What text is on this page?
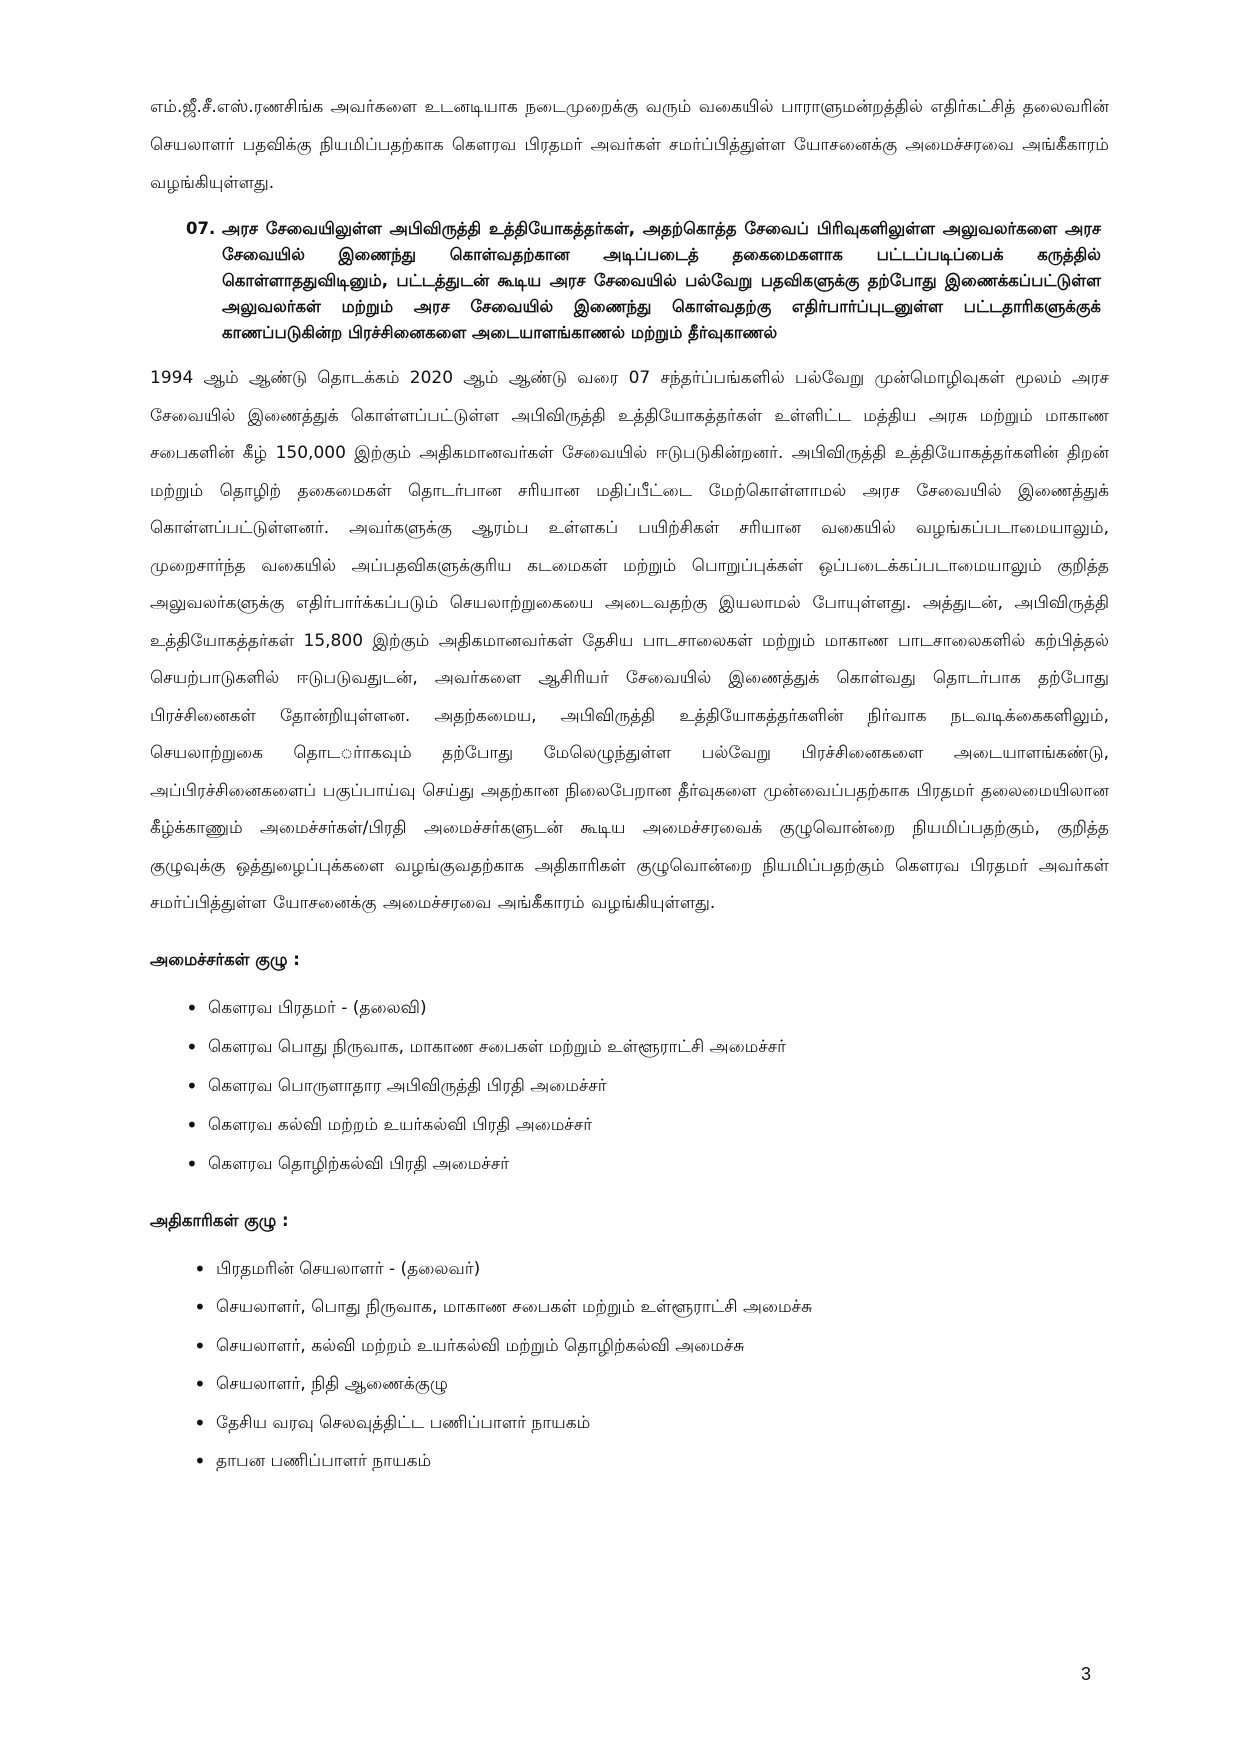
எம்.ஜீ.சீ.எஸ்.ரணசிங்க அவர்களை உடனடியாக நடைமுறைக்கு வரும் வகையில் பாராளுமன்றத்தில் எதிர்கட்சித் தலைவரின் செயலாளர் பதவிக்கு நியமிப்பதற்காக கௌரவ பிரதமர் அவர்கள் சமர்ப்பித்துள்ள யோசனைக்கு அமைச்சரவை அங்கீகாரம் வழங்கியுள்ளது.

07. அரச சேவையிலுள்ள அபிவிருத்தி உத்தியோகத்தர்கள், அதற்கொத்த சேவைப் பிரிவுகளிலுள்ள அலுவலர்களை அரச சேவையில் இணைந்து கொள்வதற்கான அடிப்படைத் தகைமைகளாக பட்டப்படிப்பைக் கருத்தில் கொள்ளாததுவிடினும், பட்டத்துடன் கூடிய அரச சேவையில் பல்வேறு பதவிகளுக்கு தற்போது இணைக்கப்பட்டுள்ள அலுவலர்கள் மற்றும் அரச சேவையில் இணைந்து கொள்வதற்கு எதிர்பார்ப்புடனுள்ள பட்டதாரிகளுக்குக் காணப்படுகின்ற பிரச்சினைகளை அடையாளங்காணல் மற்றும் தீர்வுகாணல்

1994 ஆம் ஆண்டு தொடக்கம் 2020 ஆம் ஆண்டு வரை 07 சந்தர்ப்பங்களில் பல்வேறு முன்மொழிவுகள் மூலம் அரச சேவையில் இணைத்துக் கொள்ளப்பட்டுள்ள அபிவிருத்தி உத்தியோகத்தர்கள் உள்ளிட்ட மத்திய அரசு மற்றும் மாகாண சபைகளின் கீழ் 150,000 இற்கும் அதிகமானவர்கள் சேவையில் ஈடுபடுகின்றனர். அபிவிருத்தி உத்தியோகத்தர்களின் திறன் மற்றும் தொழிற் தகைமைகள் தொடர்பான சரியான மதிப்பீட்டை மேற்கொள்ளாமல் அரச சேவையில் இணைத்துக் கொள்ளப்பட்டுள்ளனர். அவர்களுக்கு ஆரம்ப உள்ளகப் பயிற்சிகள் சரியான வகையில் வழங்கப்படாமையாலும், முறைசார்ந்த வகையில் அப்பதவிகளுக்குரிய கடமைகள் மற்றும் பொறுப்புக்கள் ஒப்படைக்கப்படாமையாலும் குறித்த அலுவலர்களுக்கு எதிர்பார்க்கப்படும் செயலாற்றுகையை அடைவதற்கு இயலாமல் போயுள்ளது. அத்துடன், அபிவிருத்தி உத்தியோகத்தர்கள் 15,800 இற்கும் அதிகமானவர்கள் தேசிய பாடசாலைகள் மற்றும் மாகாண பாடசாலைகளில் கற்பித்தல் செயற்பாடுகளில் ஈடுபடுவதுடன், அவர்களை ஆசிரியர் சேவையில் இணைத்துக் கொள்வது தொடர்பாக தற்போது பிரச்சினைகள் தோன்றியுள்ளன. அதற்கமைய, அபிவிருத்தி உத்தியோகத்தர்களின் நிர்வாக நடவடிக்கைகளிலும், செயலாற்றுகை தொடர்ாகவும் தற்போது மேலெழுந்துள்ள பல்வேறு பிரச்சினைகளை அடையாளங்கண்டு, அப்பிரச்சினைகளைப் பகுப்பாய்வு செய்து அதற்கான நிலைபேறான தீர்வுகளை முன்வைப்பதற்காக பிரதமர் தலைமையிலான கீழ்க்காணும் அமைச்சர்கள்/பிரதி அமைச்சர்களுடன் கூடிய அமைச்சரவைக் குழுவொன்றை நியமிப்பதற்கும், குறித்த குழுவுக்கு ஒத்துழைப்புக்களை வழங்குவதற்காக அதிகாரிகள் குழுவொன்றை நியமிப்பதற்கும் கௌரவ பிரதமர் அவர்கள் சமர்ப்பித்துள்ள யோசனைக்கு அமைச்சரவை அங்கீகாரம் வழங்கியுள்ளது.

அமைச்சர்கள் குழு :
• கௌரவ பிரதமர் - (தலைவி)
• கௌரவ பொது நிருவாக, மாகாண சபைகள் மற்றும் உள்ளூராட்சி அமைச்சர்
• கௌரவ பொருளாதார அபிவிருத்தி பிரதி அமைச்சர்
• கௌரவ கல்வி மற்றம் உயர்கல்வி பிரதி அமைச்சர்
• கௌரவ தொழிற்கல்வி பிரதி அமைச்சர்
அதிகாரிகள் குழு :
• பிரதமரின் செயலாளர் - (தலைவர்)
• செயலாளர், பொது நிருவாக, மாகாண சபைகள் மற்றும் உள்ளூராட்சி அமைச்சு
• செயலாளர், கல்வி மற்றம் உயர்கல்வி மற்றும் தொழிற்கல்வி அமைச்சு
• செயலாளர், நிதி ஆணைக்குழு
• தேசிய வரவு செலவுத்திட்ட பணிப்பாளர் நாயகம்
• தாபன பணிப்பாளர் நாயகம்
3
